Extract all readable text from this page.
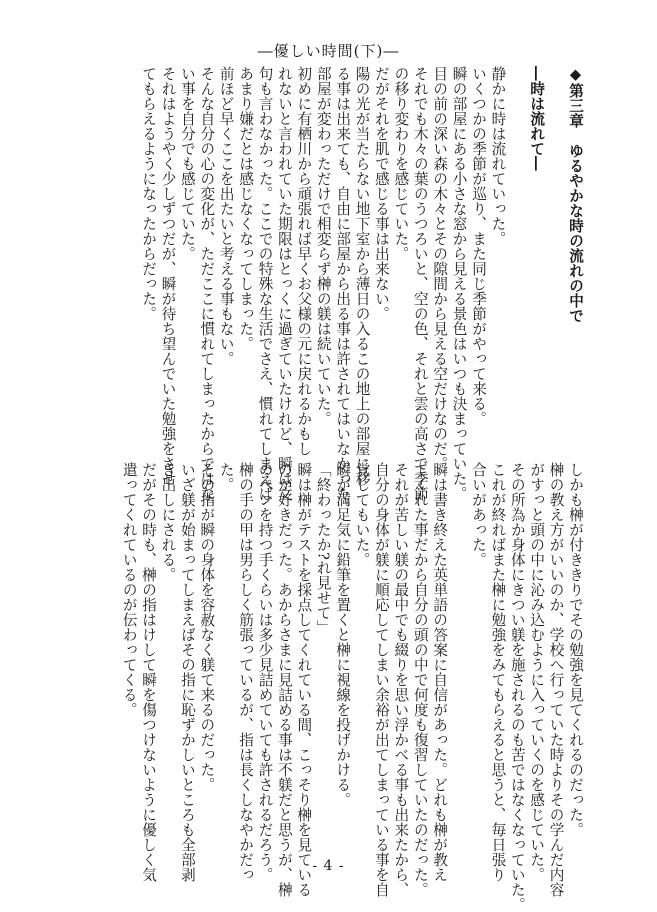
―優しい時間(下)―

◆第三章　ゆるやかな時の流れの中で

―時は流れて―

静かに時は流れていった。

いくつかの季節が巡り、また同じ季節がやって来る。

瞬の部屋にある小さな窓から見える景色はいつも決まっていた。

目の前の深い森の木々とその隙間から見える空だけなのだ。

それでも木々の葉のうつろいと、空の色、それと雲の高さで季節

の移り変わりを感じていた。

だがそれを肌で感じる事は出来ない。

陽の光が当たらない地下室から薄日の入るこの地上の部屋に移

る事は出来ても、自由に部屋から出る事は許されてはいなかった。

部屋が変わっただけで相変らず榊の躾は続いていた。

初めに有栖川から頑張れば早くお父様の元に戻れるかもし

れないと言われていた期限はとっくに過ぎていたけれど、瞬は文

句も言わなかった。ここでの特殊な生活でさえ、慣れてしまえば

あまり嫌だとは感じなくなってしまった。

前ほど早くここを出たいと考える事もない。

そんな自分の心の変化が、ただここに慣れてしまったからではな

い事を自分でも感じていた。

それはようやく少しずつだが、瞬が待ち望んでいた勉強をさせ

てもらえるようになったからだった。

しかも榊が付ききりでその勉強を見てくれるのだった。

榊の教え方がいいのか、学校へ行っていた時よりその学んだ内容

がすっと頭の中に沁み込むように入っていくのを感じていた。

その所為か身体にきつい躾を施されるのも苦ではなくなっていた。

これが終ればまた榊に勉強をみてもらえると思うと、毎日張り

合いがあった。

瞬は書き終えた英単語の答案に自信があった。どれも榊が教え

てくれた事だから自分の頭の中で何度も復習していたのだった。

それが苦しい躾の最中でも綴りを思い浮かべる事も出来たから、

自分の身体が躾に順応してしまい余裕が出てしまっている事を自

覚してもいた。

瞬が満足気に鉛筆を置くと榊に視線を投げかける。

「終わったか?れ見せて」

瞬は榊がテストを採点してくれている間、こっそり榊を見ている

のが好きだった。あからさまに見詰める事は不躾だと思うが、榊

のペンを持つ手くらいは多少見詰めていても許されるだろう。

榊の手の甲は男らしく筋張っているが、指は長くしなやかだっ

た。

その指が瞬の身体を容赦なく躾て来るのだった。

いざ躾が始まってしまえばその指に恥ずかしいところも全部剥

き出しにされる。

だがその時も、榊の指はけして瞬を傷つけないように優しく気

遣ってくれているのが伝わってくる。

- 4 -
